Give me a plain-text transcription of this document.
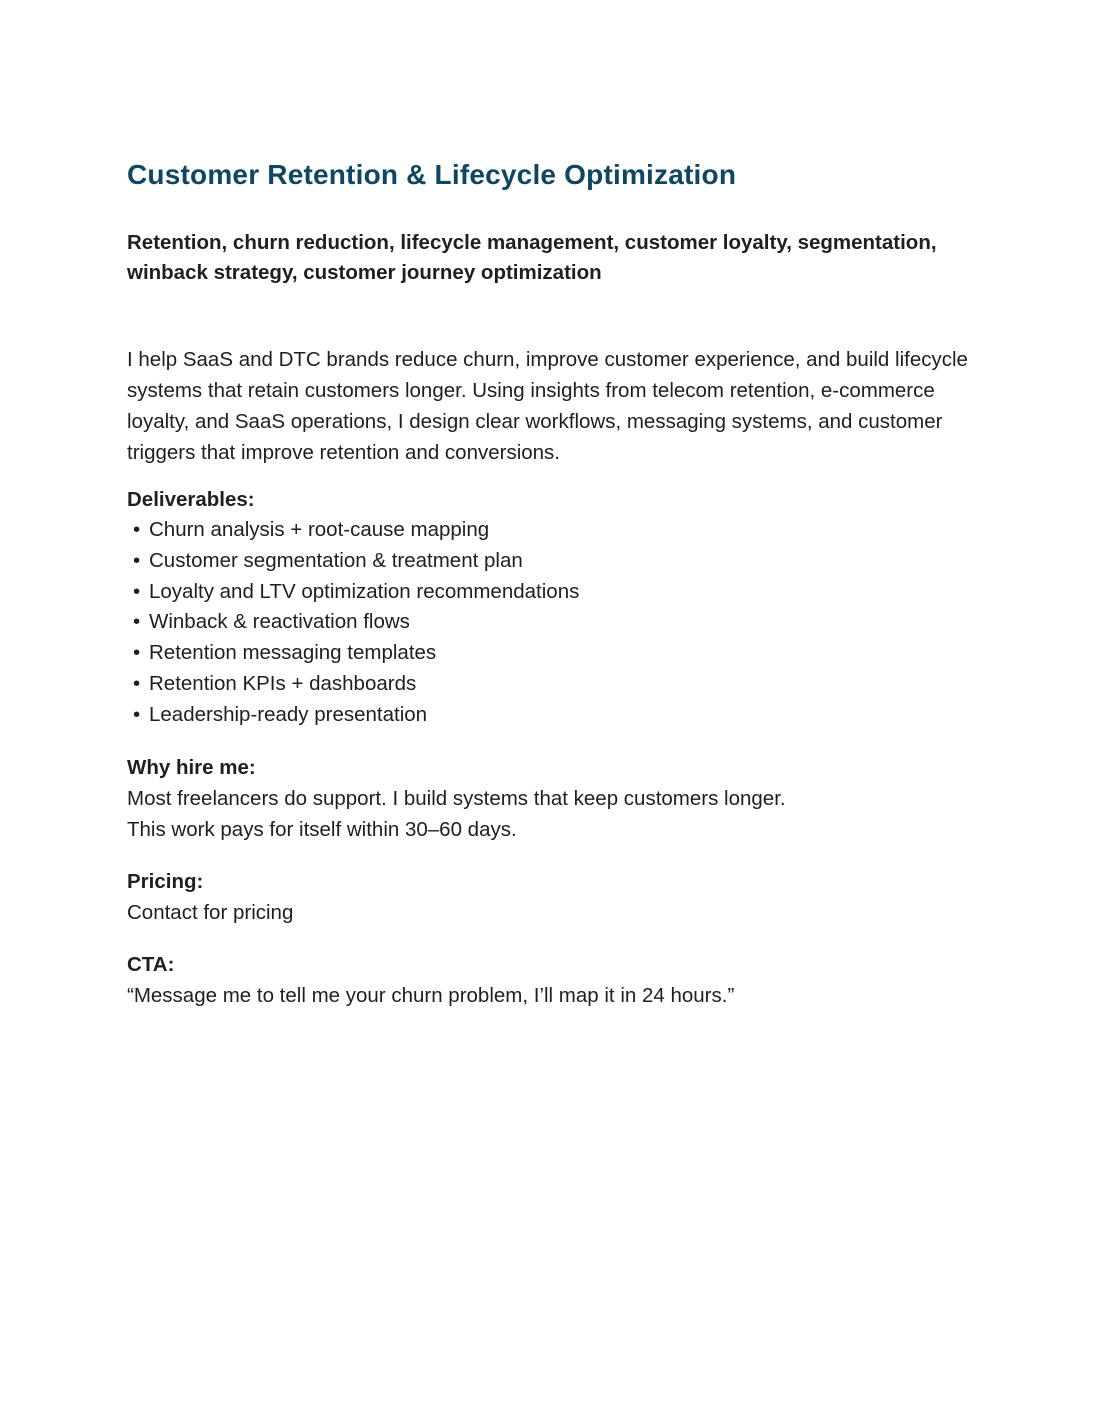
Customer Retention & Lifecycle Optimization

Retention, churn reduction, lifecycle management, customer loyalty, segmentation, winback strategy, customer journey optimization

I help SaaS and DTC brands reduce churn, improve customer experience, and build lifecycle systems that retain customers longer. Using insights from telecom retention, e-commerce loyalty, and SaaS operations, I design clear workflows, messaging systems, and customer triggers that improve retention and conversions.

Deliverables:
• Churn analysis + root-cause mapping
• Customer segmentation & treatment plan
• Loyalty and LTV optimization recommendations
• Winback & reactivation flows
• Retention messaging templates
• Retention KPIs + dashboards
• Leadership-ready presentation
Why hire me:

Most freelancers do support. I build systems that keep customers longer.

This work pays for itself within 30–60 days.

Pricing:

Contact for pricing

CTA:

“Message me to tell me your churn problem, I’ll map it in 24 hours.”
